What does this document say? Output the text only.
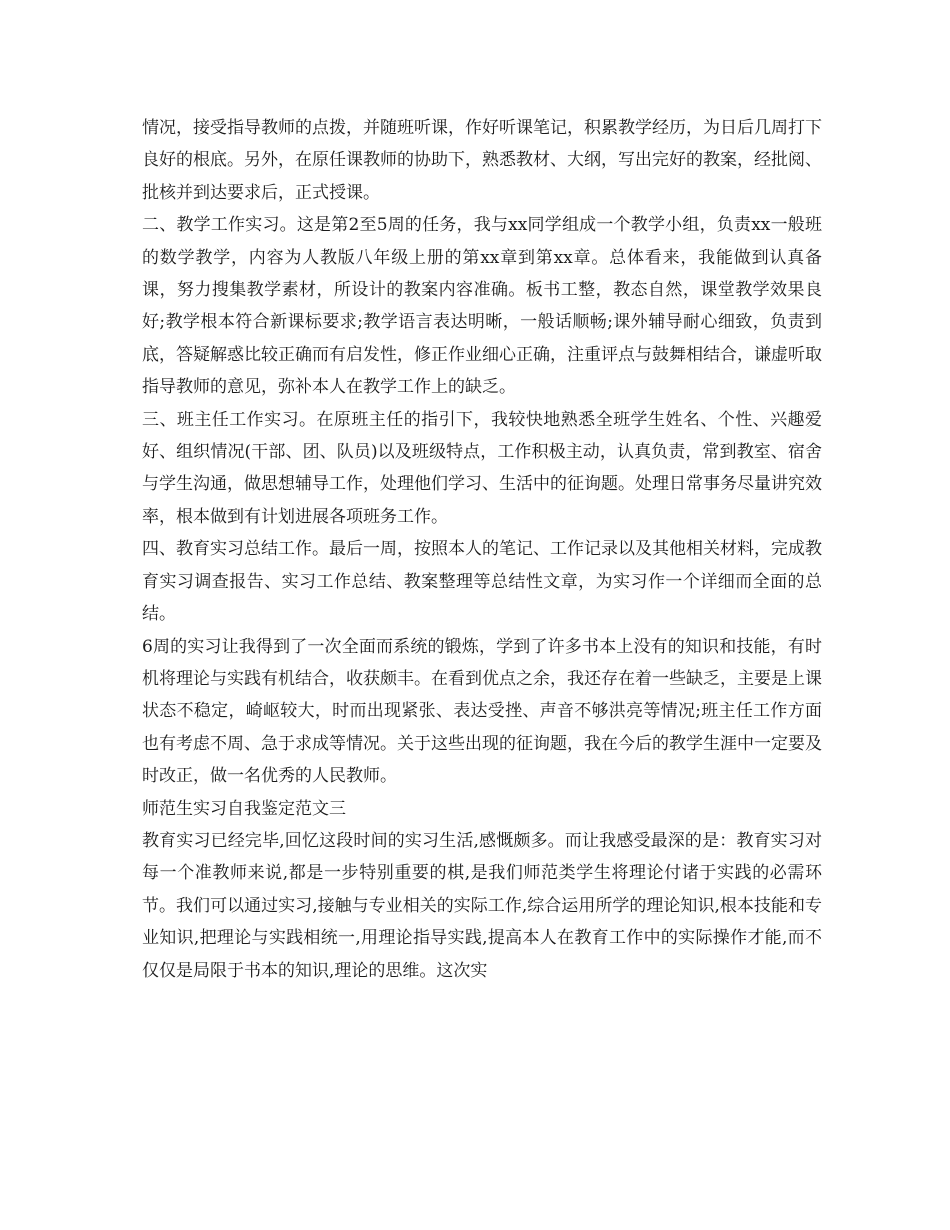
情况，接受指导教师的点拨，并随班听课，作好听课笔记，积累教学经历，为日后几周打下良好的根底。另外，在原任课教师的协助下，熟悉教材、大纲，写出完好的教案，经批阅、批核并到达要求后，正式授课。

二、教学工作实习。这是第2至5周的任务，我与xx同学组成一个教学小组，负责xx一般班的数学教学，内容为人教版八年级上册的第xx章到第xx章。总体看来，我能做到认真备课，努力搜集教学素材，所设计的教案内容准确。板书工整，教态自然，课堂教学效果良好;教学根本符合新课标要求;教学语言表达明晰，一般话顺畅;课外辅导耐心细致，负责到底，答疑解惑比较正确而有启发性，修正作业细心正确，注重评点与鼓舞相结合，谦虚听取指导教师的意见，弥补本人在教学工作上的缺乏。

三、班主任工作实习。在原班主任的指引下，我较快地熟悉全班学生姓名、个性、兴趣爱好、组织情况(干部、团、队员)以及班级特点，工作积极主动，认真负责，常到教室、宿舍与学生沟通，做思想辅导工作，处理他们学习、生活中的征询题。处理日常事务尽量讲究效率，根本做到有计划进展各项班务工作。

四、教育实习总结工作。最后一周，按照本人的笔记、工作记录以及其他相关材料，完成教育实习调查报告、实习工作总结、教案整理等总结性文章，为实习作一个详细而全面的总结。

6周的实习让我得到了一次全面而系统的锻炼，学到了许多书本上没有的知识和技能，有时机将理论与实践有机结合，收获颇丰。在看到优点之余，我还存在着一些缺乏，主要是上课状态不稳定，崎岖较大，时而出现紧张、表达受挫、声音不够洪亮等情况;班主任工作方面也有考虑不周、急于求成等情况。关于这些出现的征询题，我在今后的教学生涯中一定要及时改正，做一名优秀的人民教师。

师范生实习自我鉴定范文三

教育实习已经完毕,回忆这段时间的实习生活,感慨颇多。而让我感受最深的是：教育实习对每一个准教师来说,都是一步特别重要的棋,是我们师范类学生将理论付诸于实践的必需环节。我们可以通过实习,接触与专业相关的实际工作,综合运用所学的理论知识,根本技能和专业知识,把理论与实践相统一,用理论指导实践,提高本人在教育工作中的实际操作才能,而不仅仅是局限于书本的知识,理论的思维。这次实
